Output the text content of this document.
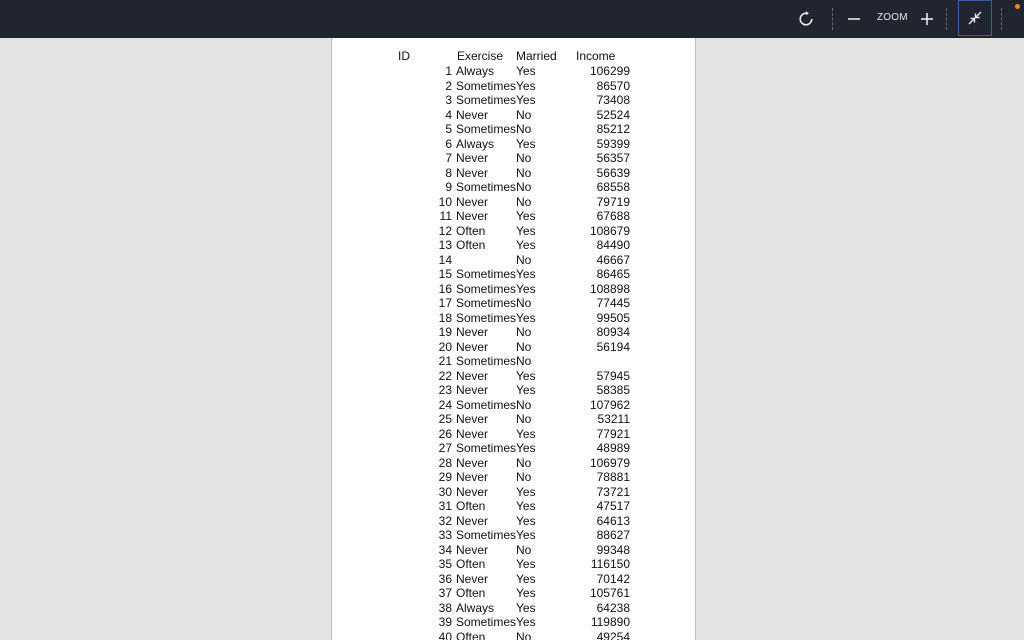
ZOOM
ID	Exercise Married Income
1 Always Yes	106299
2 Sometimes Yes	86570
3 Sometimes Yes	73408
4 Never No	52524
5 Sometimes No	85212
6 Always Yes	59399
7 Never No	56357
8 Never No	56639
9 Sometimes No	68558
10 Never No	79719
11 Never Yes	67688
12 Often	Yes	108679
13 Often	Yes	84490
14	No	46667
15 Sometimes Yes	86465
16 Sometimes Yes	108898
17 Sometimes No	77445
18 Sometimes Yes	99505
19 Never No	80934
20 Never No	56194
21 Sometimes No
22 Never Yes	57945
23 Never Yes	58385
24 Sometimes No	107962
25 Never No	53211
26 Never Yes	77921
27 Sometimes Yes	48989
28 Never No	106979
29 Never No	78881
30 Never Yes	73721
31 Often	Yes	47517
32 Never Yes	64613
33 Sometimes Yes	88627
34 Never No	99348
35 Often	Yes	116150
36 Never Yes	70142
37 Often	Yes	105761
38 Always Yes	64238
39 Sometimes Yes	119890
40 Often	No	49254
